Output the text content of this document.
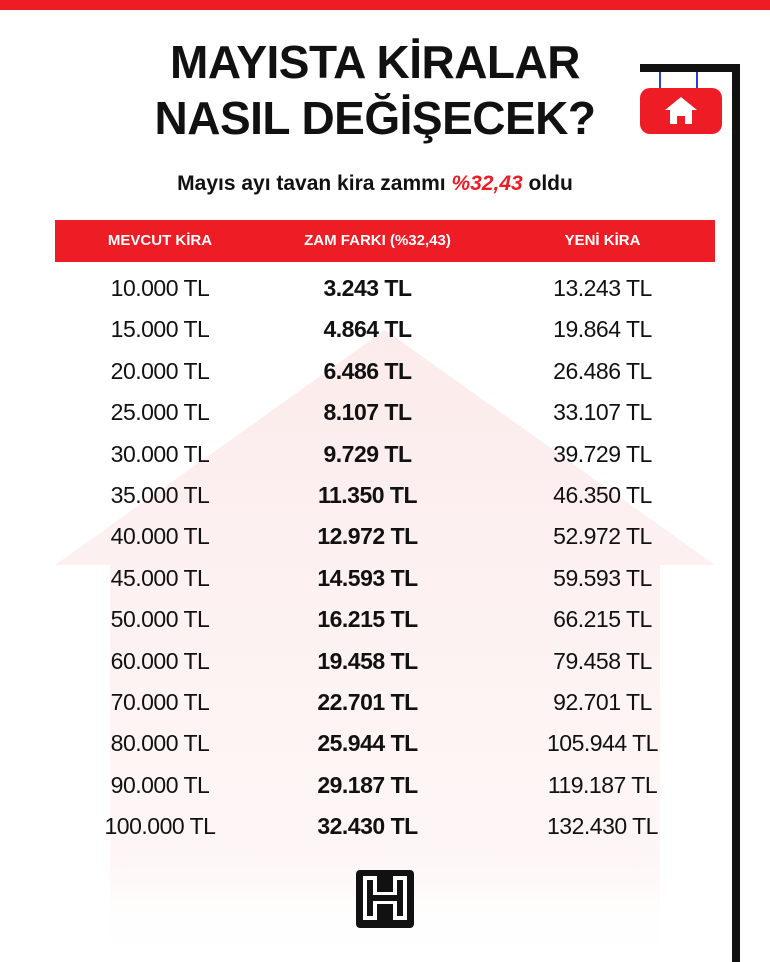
MAYISTA KİRALAR
NASIL DEĞİŞECEK?
Mayıs ayı tavan kira zammı %32,43 oldu
MEVCUT KİRA	ZAM FARKI (%32,43)	YENİ KİRA
10.000 TL	3.243 TL	13.243 TL
15.000 TL	4.864 TL	19.864 TL
20.000 TL	6.486 TL	26.486 TL
25.000 TL	8.107 TL	33.107 TL
30.000 TL	9.729 TL	39.729 TL
35.000 TL	11.350 TL	46.350 TL
40.000 TL	12.972 TL	52.972 TL
45.000 TL	14.593 TL	59.593 TL
50.000 TL	16.215 TL	66.215 TL
60.000 TL	19.458 TL	79.458 TL
70.000 TL	22.701 TL	92.701 TL
80.000 TL	25.944 TL	105.944 TL
90.000 TL	29.187 TL	119.187 TL
100.000 TL	32.430 TL	132.430 TL
